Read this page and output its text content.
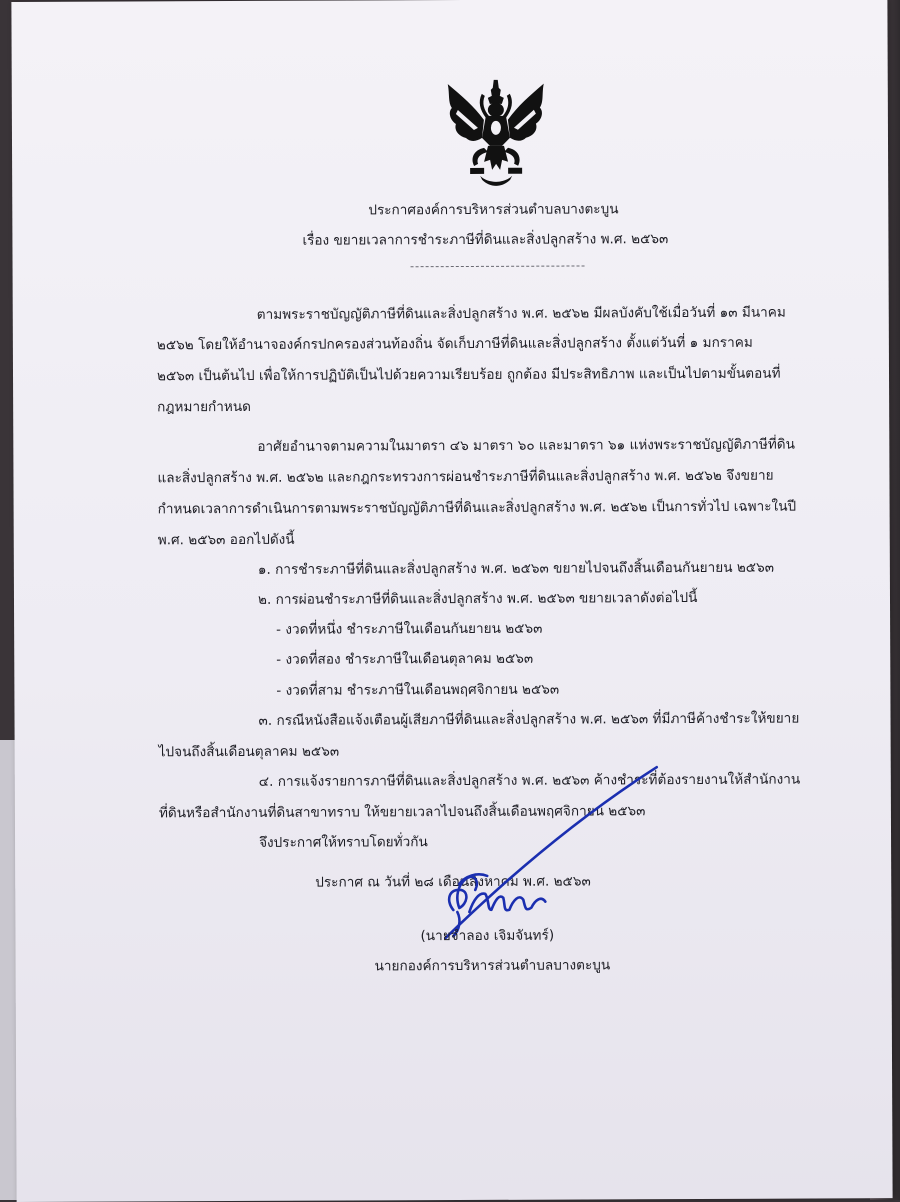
ประกาศองค์การบริหารส่วนตำบลบางตะบูน
เรื่อง ขยายเวลาการชำระภาษีที่ดินและสิ่งปลูกสร้าง พ.ศ. ๒๕๖๓
ตามพระราชบัญญัติภาษีที่ดินและสิ่งปลูกสร้าง พ.ศ. ๒๕๖๒ มีผลบังคับใช้เมื่อวันที่ ๑๓ มีนาคม
๒๕๖๒ โดยให้อำนาจองค์กรปกครองส่วนท้องถิ่น จัดเก็บภาษีที่ดินและสิ่งปลูกสร้าง ตั้งแต่วันที่ ๑ มกราคม
๒๕๖๓ เป็นต้นไป เพื่อให้การปฏิบัติเป็นไปด้วยความเรียบร้อย ถูกต้อง มีประสิทธิภาพ และเป็นไปตามขั้นตอนที่
กฎหมายกำหนด
อาศัยอำนาจตามความในมาตรา ๔๖ มาตรา ๖๐ และมาตรา ๖๑ แห่งพระราชบัญญัติภาษีที่ดิน
และสิ่งปลูกสร้าง พ.ศ. ๒๕๖๒ และกฎกระทรวงการผ่อนชำระภาษีที่ดินและสิ่งปลูกสร้าง พ.ศ. ๒๕๖๒ จึงขยาย
กำหนดเวลาการดำเนินการตามพระราชบัญญัติภาษีที่ดินและสิ่งปลูกสร้าง พ.ศ. ๒๕๖๒ เป็นการทั่วไป เฉพาะในปี
พ.ศ. ๒๕๖๓ ออกไปดังนี้
๑. การชำระภาษีที่ดินและสิ่งปลูกสร้าง พ.ศ. ๒๕๖๓ ขยายไปจนถึงสิ้นเดือนกันยายน ๒๕๖๓
๒. การผ่อนชำระภาษีที่ดินและสิ่งปลูกสร้าง พ.ศ. ๒๕๖๓ ขยายเวลาดังต่อไปนี้
- งวดที่หนึ่ง ชำระภาษีในเดือนกันยายน ๒๕๖๓
- งวดที่สอง ชำระภาษีในเดือนตุลาคม ๒๕๖๓
- งวดที่สาม ชำระภาษีในเดือนพฤศจิกายน ๒๕๖๓
๓. กรณีหนังสือแจ้งเตือนผู้เสียภาษีที่ดินและสิ่งปลูกสร้าง พ.ศ. ๒๕๖๓ ที่มีภาษีค้างชำระให้ขยาย
ไปจนถึงสิ้นเดือนตุลาคม ๒๕๖๓
๔. การแจ้งรายการภาษีที่ดินและสิ่งปลูกสร้าง พ.ศ. ๒๕๖๓ ค้างชำระที่ต้องรายงานให้สำนักงาน
ที่ดินหรือสำนักงานที่ดินสาขาทราบ ให้ขยายเวลาไปจนถึงสิ้นเดือนพฤศจิกายน ๒๕๖๓
จึงประกาศให้ทราบโดยทั่วกัน
ประกาศ ณ วันที่ ๒๘ เดือนสิงหาคม พ.ศ. ๒๕๖๓
(นายจำลอง เจิมจันทร์)
นายกองค์การบริหารส่วนตำบลบางตะบูน
